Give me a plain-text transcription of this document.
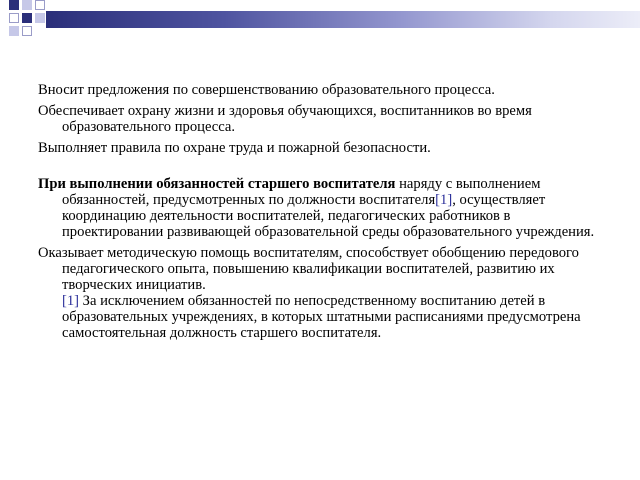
Вносит предложения по совершенствованию образовательного процесса.

Обеспечивает охрану жизни и здоровья обучающихся, воспитанников во время образовательного процесса.

Выполняет правила по охране труда и пожарной безопасности.

При выполнении обязанностей старшего воспитателя наряду с выполнением обязанностей, предусмотренных по должности воспитателя[1], осуществляет координацию деятельности воспитателей, педагогических работников в проектировании развивающей образовательной среды образовательного учреждения.

Оказывает методическую помощь воспитателям, способствует обобщению передового педагогического опыта, повышению квалификации воспитателей, развитию их творческих инициатив.
[1] За исключением обязанностей по непосредственному воспитанию детей в образовательных учреждениях, в которых штатными расписаниями предусмотрена самостоятельная должность старшего воспитателя.
